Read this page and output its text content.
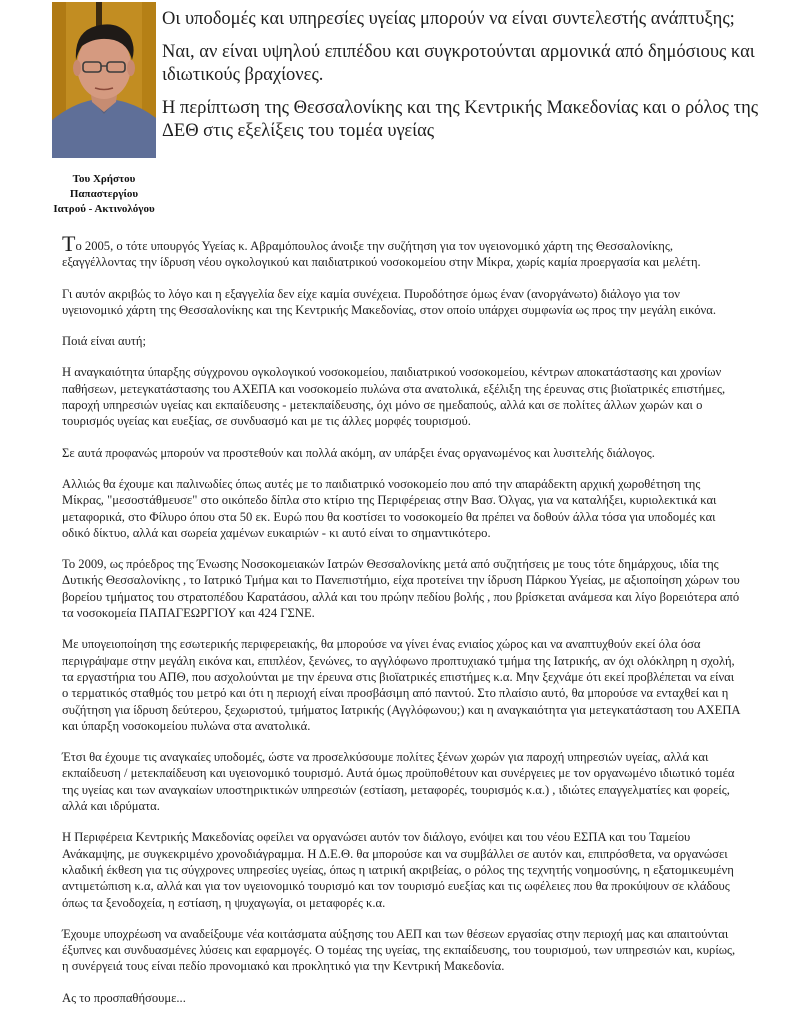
Του Χρήστου
Παπαστεργίου
Ιατρού - Ακτινολόγου

Οι υποδομές και υπηρεσίες υγείας μπορούν να είναι συντελεστής ανάπτυξης;

Ναι, αν είναι υψηλού επιπέδου και συγκροτούνται αρμονικά από δημόσιους και ιδιωτικούς βραχίονες.

Η περίπτωση της Θεσσαλονίκης και της Κεντρικής Μακεδονίας και ο ρόλος της ΔΕΘ στις εξελίξεις του τομέα υγείας

Το 2005, ο τότε υπουργός Υγείας κ. Αβραμόπουλος άνοιξε την συζήτηση για τον υγειονομικό χάρτη της Θεσσαλονίκης, εξαγγέλλοντας την ίδρυση νέου ογκολογικού και παιδιατρικού νοσοκομείου στην Μίκρα, χωρίς καμία προεργασία και μελέτη.

Γι αυτόν ακριβώς το λόγο και η εξαγγελία δεν είχε καμία συνέχεια. Πυροδότησε όμως έναν (ανοργάνωτο) διάλογο για τον υγειονομικό χάρτη της Θεσσαλονίκης και της Κεντρικής Μακεδονίας, στον οποίο υπάρχει συμφωνία ως προς την μεγάλη εικόνα.

Ποιά είναι αυτή;

Η αναγκαιότητα ύπαρξης σύγχρονου ογκολογικού νοσοκομείου, παιδιατρικού νοσοκομείου, κέντρων αποκατάστασης και χρονίων παθήσεων, μετεγκατάστασης του ΑΧΕΠΑ και νοσοκομείο πυλώνα στα ανατολικά, εξέλιξη της έρευνας στις βιοϊατρικές επιστήμες, παροχή υπηρεσιών υγείας και εκπαίδευσης - μετεκπαίδευσης, όχι μόνο σε ημεδαπούς, αλλά και σε πολίτες άλλων χωρών και ο τουρισμός υγείας και ευεξίας, σε συνδυασμό και με τις άλλες μορφές τουρισμού.

Σε αυτά προφανώς μπορούν να προστεθούν και πολλά ακόμη, αν υπάρξει ένας οργανωμένος και λυσιτελής διάλογος.

Αλλιώς θα έχουμε και παλινωδίες όπως αυτές με το παιδιατρικό νοσοκομείο που από την απαράδεκτη αρχική χωροθέτηση της Μίκρας, "μεσοστάθμευσε" στο οικόπεδο δίπλα στο κτίριο της Περιφέρειας στην Βασ. Όλγας, για να καταλήξει, κυριολεκτικά και μεταφορικά, στο Φίλυρο όπου στα 50 εκ. Ευρώ που θα κοστίσει το νοσοκομείο θα πρέπει να δοθούν άλλα τόσα για υποδομές και οδικό δίκτυο, αλλά και σωρεία χαμένων ευκαιριών - κι αυτό είναι το σημαντικότερο.

Το 2009, ως πρόεδρος της Ένωσης Νοσοκομειακών Ιατρών Θεσσαλονίκης μετά από συζητήσεις με τους τότε δημάρχους, ιδία της Δυτικής Θεσσαλονίκης , το Ιατρικό Τμήμα και το Πανεπιστήμιο, είχα προτείνει την ίδρυση Πάρκου Υγείας, με αξιοποίηση χώρων του βορείου τμήματος του στρατοπέδου Καρατάσου, αλλά και του πρώην πεδίου βολής , που βρίσκεται ανάμεσα και λίγο βορειότερα από τα νοσοκομεία ΠΑΠΑΓΕΩΡΓΙΟΥ και 424 ΓΣΝΕ.

Με υπογειοποίηση της εσωτερικής περιφερειακής, θα μπορούσε να γίνει ένας ενιαίος χώρος και να αναπτυχθούν εκεί όλα όσα περιγράψαμε στην μεγάλη εικόνα και, επιπλέον, ξενώνες, το αγγλόφωνο προπτυχιακό τμήμα της Ιατρικής, αν όχι ολόκληρη η σχολή, τα εργαστήρια του ΑΠΘ, που ασχολούνται με την έρευνα στις βιοϊατρικές επιστήμες κ.α. Μην ξεχνάμε ότι εκεί προβλέπεται να είναι ο τερματικός σταθμός του μετρό και ότι η περιοχή είναι προσβάσιμη από παντού. Στο πλαίσιο αυτό, θα μπορούσε να ενταχθεί και η συζήτηση για ίδρυση δεύτερου, ξεχωριστού, τμήματος Ιατρικής (Αγγλόφωνου;) και η αναγκαιότητα για μετεγκατάσταση του ΑΧΕΠΑ και ύπαρξη νοσοκομείου πυλώνα στα ανατολικά.

Έτσι θα έχουμε τις αναγκαίες υποδομές, ώστε να προσελκύσουμε πολίτες ξένων χωρών για παροχή υπηρεσιών υγείας, αλλά και εκπαίδευση / μετεκπαίδευση και υγειονομικό τουρισμό. Αυτά όμως προϋποθέτουν και συνέργειες με τον οργανωμένο ιδιωτικό τομέα της υγείας και των αναγκαίων υποστηρικτικών υπηρεσιών (εστίαση, μεταφορές, τουρισμός κ.α.) , ιδιώτες επαγγελματίες και φορείς, αλλά και ιδρύματα.

Η Περιφέρεια Κεντρικής Μακεδονίας οφείλει να οργανώσει αυτόν τον διάλογο, ενόψει και του νέου ΕΣΠΑ και του Ταμείου Ανάκαμψης, με συγκεκριμένο χρονοδιάγραμμα. Η Δ.Ε.Θ. θα μπορούσε και να συμβάλλει σε αυτόν και, επιπρόσθετα, να οργανώσει κλαδική έκθεση για τις σύγχρονες υπηρεσίες υγείας, όπως η ιατρική ακριβείας, ο ρόλος της τεχνητής νοημοσύνης, η εξατομικευμένη αντιμετώπιση κ.α, αλλά και για τον υγειονομικό τουρισμό και τον τουρισμό ευεξίας και τις ωφέλειες που θα προκύψουν σε κλάδους όπως τα ξενοδοχεία, η εστίαση, η ψυχαγωγία, οι μεταφορές κ.α.

Έχουμε υποχρέωση να αναδείξουμε νέα κοιτάσματα αύξησης του ΑΕΠ και των θέσεων εργασίας στην περιοχή μας και απαιτούνται έξυπνες και συνδυασμένες λύσεις και εφαρμογές. Ο τομέας της υγείας, της εκπαίδευσης, του τουρισμού, των υπηρεσιών και, κυρίως, η συνέργειά τους είναι πεδίο προνομιακό και προκλητικό για την Κεντρική Μακεδονία.

Ας το προσπαθήσουμε...
